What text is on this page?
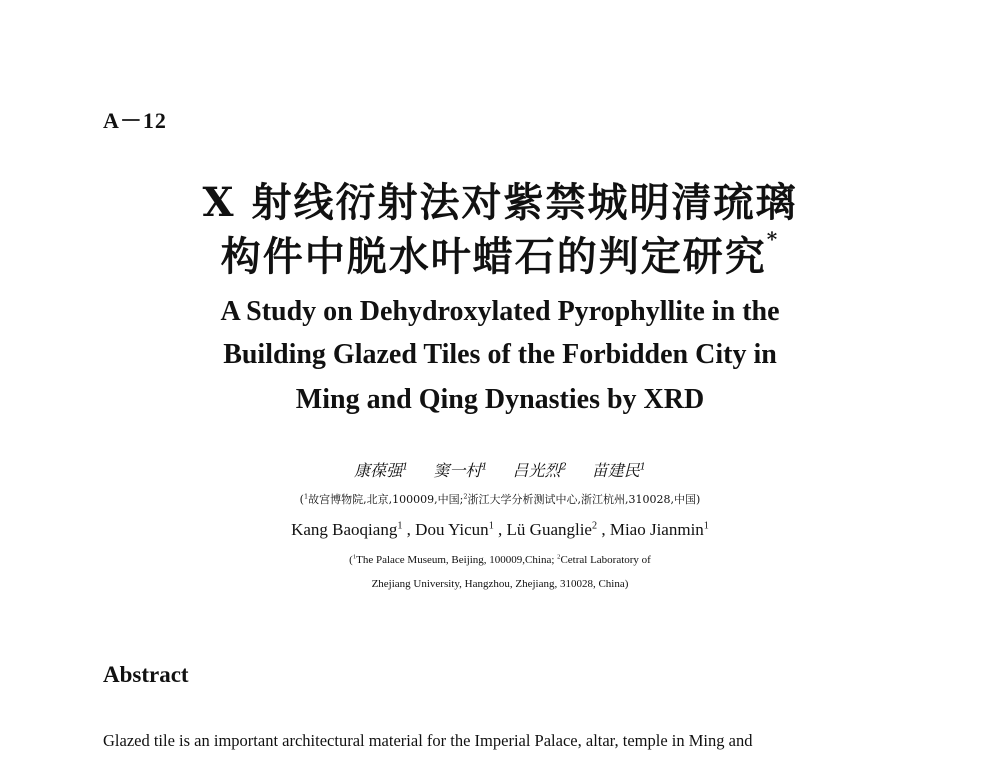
A－12
X 射线衍射法对紫禁城明清琉璃
构件中脱水叶蜡石的判定研究*
A Study on Dehydroxylated Pyrophyllite in the
Building Glazed Tiles of the Forbidden City in
Ming and Qing Dynasties by XRD
康葆强$^1$ 窦一村$^1$ 吕光烈$^2$ 苗建民$^1$
($^1$故宫博物院,北京,100009,中国;$^2$浙江大学分析测试中心,浙江杭州,310028,中国)
Kang Baoqiang$^1$ , Dou Yicun$^1$ , Lü Guanglie$^2$ , Miao Jianmin$^1$
($^1$The Palace Museum, Beijing, 100009,China; $^2$Cetral Laboratory of
Zhejiang University, Hangzhou, Zhejiang, 310028, China)
Abstract
Glazed tile is an important architectural material for the Imperial Palace, altar, temple in Ming and
